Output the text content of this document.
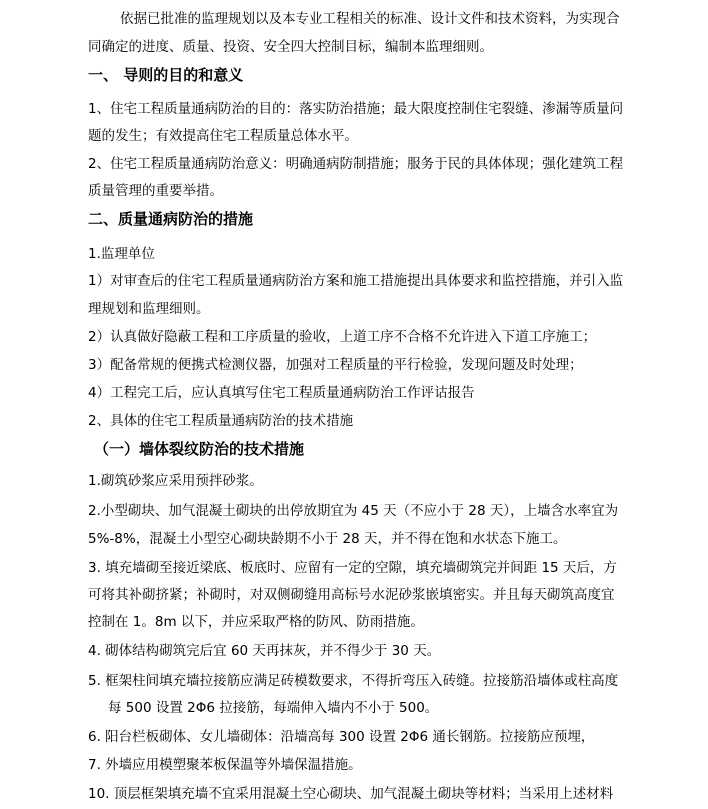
依据已批准的监理规划以及本专业工程相关的标准、设计文件和技术资料，为实现合
同确定的进度、质量、投资、安全四大控制目标，编制本监理细则。
一、 导则的目的和意义
1、住宅工程质量通病防治的目的：落实防治措施；最大限度控制住宅裂缝、渗漏等质量问
题的发生；有效提高住宅工程质量总体水平。
2、住宅工程质量通病防治意义：明确通病防制措施；服务于民的具体体现；强化建筑工程
质量管理的重要举措。
二、质量通病防治的措施
1.监理单位
1）对审查后的住宅工程质量通病防治方案和施工措施提出具体要求和监控措施，并引入监
理规划和监理细则。
2）认真做好隐蔽工程和工序质量的验收，上道工序不合格不允许进入下道工序施工；
3）配备常规的便携式检测仪器，加强对工程质量的平行检验，发现问题及时处理；
4）工程完工后，应认真填写住宅工程质量通病防治工作评诂报告
2、具体的住宅工程质量通病防治的技术措施
（一）墙体裂纹防治的技术措施
1.砌筑砂浆应采用预拌砂浆。
2.小型砌块、加气混凝土砌块的出停放期宜为 45 天（不应小于 28 天），上墙含水率宜为
5%-8%，混凝土小型空心砌块龄期不小于 28 天，并不得在饱和水状态下施工。
3. 填充墙砌至接近梁底、板底时、应留有一定的空隙，填充墙砌筑完并间距 15 天后，方
可将其补砌挤紧；补砌时，对双侧砌缝用高标号水泥砂浆嵌填密实。并且每天砌筑高度宜
控制在 1。8m 以下，并应采取严格的防风、防雨措施。
4. 砌体结构砌筑完后宜 60 天再抹灰，并不得少于 30 天。
5. 框架柱间填充墙拉接筋应满足砖模数要求，不得折弯压入砖缝。拉接筋沿墙体或柱高度
每 500 设置 2Φ6 拉接筋，每端伸入墙内不小于 500。
6. 阳台栏板砌体、女儿墙砌体：沿墙高每 300 设置 2Φ6 通长钢筋。拉接筋应预埋，
7. 外墙应用模塑聚苯板保温等外墙保温措施。
10. 顶层框架填充墙不宜采用混凝土空心砌块、加气混凝土砌块等材料；当采用上述材料
